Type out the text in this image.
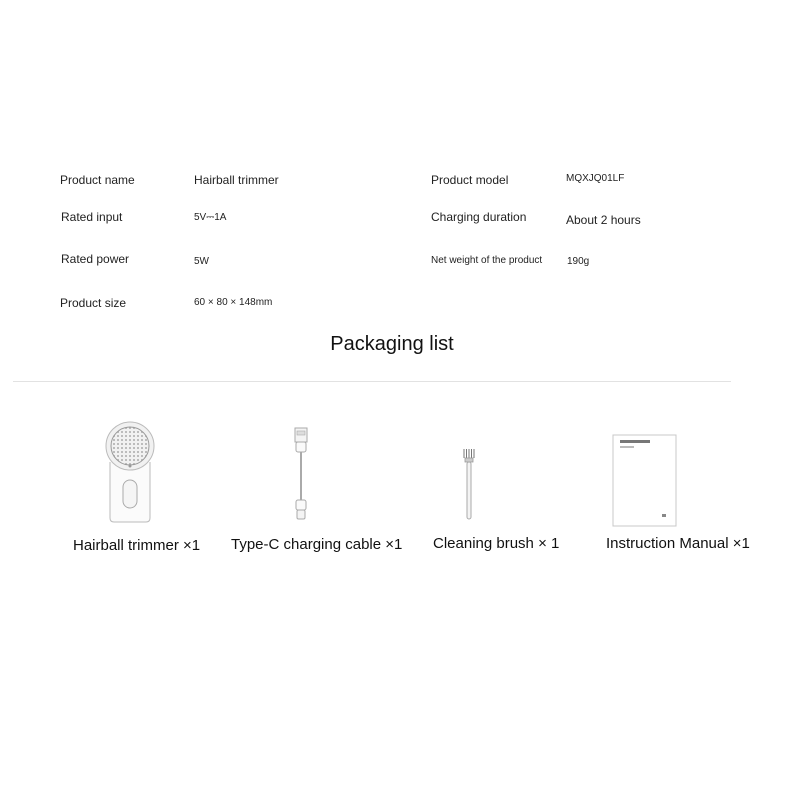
Product name	Hairball trimmer
Rated input	5V⎓1A
Rated power	5W
Product size	60 × 80 × 148mm
Product model	MQXJQ01LF
Charging duration	About 2 hours
Net weight of the product 190g
Packaging list
Hairball trimmer ×1 Type-C charging cable ×1 Cleaning brush × 1	Instruction Manual ×1
